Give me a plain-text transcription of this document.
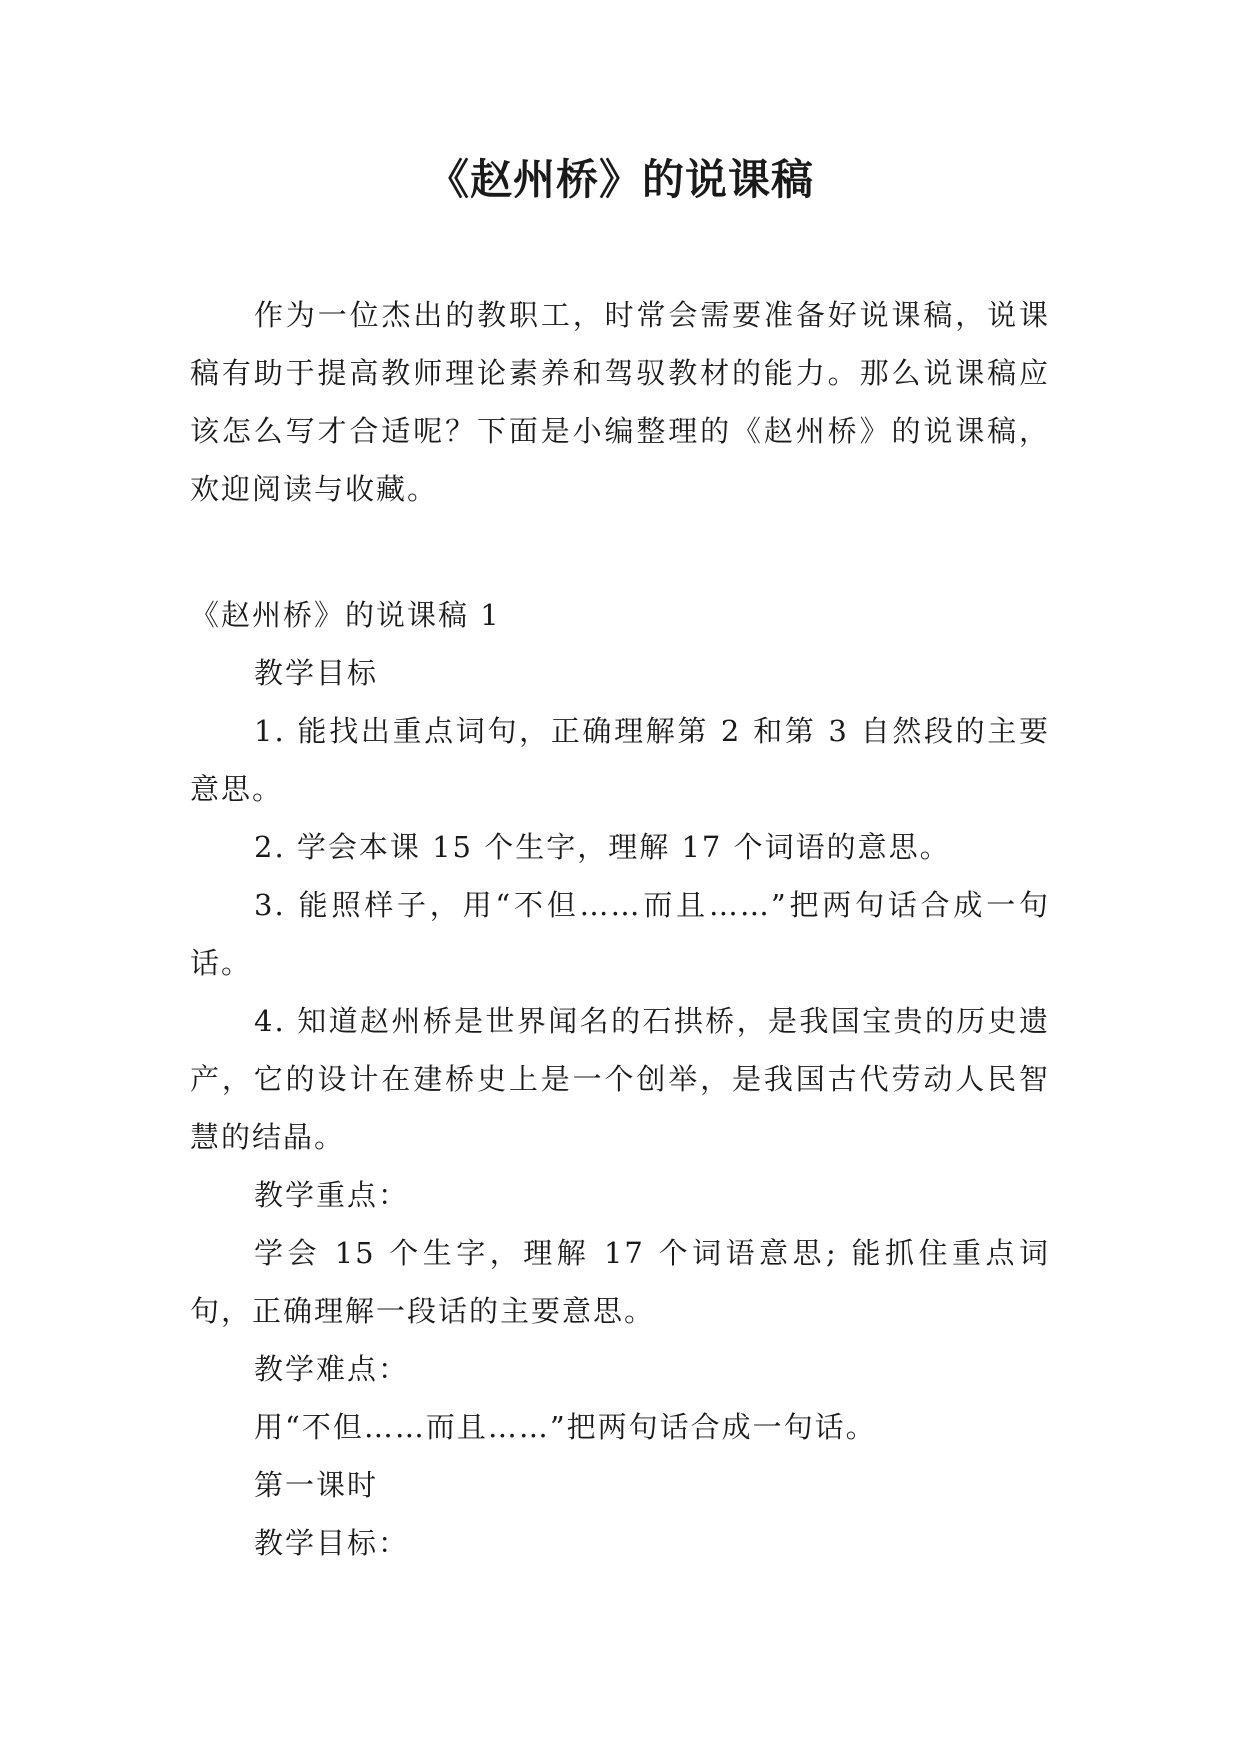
《赵州桥》的说课稿

作为一位杰出的教职工，时常会需要准备好说课稿，说课稿有助于提高教师理论素养和驾驭教材的能力。那么说课稿应该怎么写才合适呢？下面是小编整理的《赵州桥》的说课稿，欢迎阅读与收藏。

《赵州桥》的说课稿 1

教学目标

1. 能找出重点词句，正确理解第 2 和第 3 自然段的主要意思。

2. 学会本课 15 个生字，理解 17 个词语的意思。

3. 能照样子，用“不但……而且……”把两句话合成一句话。

4. 知道赵州桥是世界闻名的石拱桥，是我国宝贵的历史遗产，它的设计在建桥史上是一个创举，是我国古代劳动人民智慧的结晶。

教学重点：

学会 15 个生字，理解 17 个词语意思; 能抓住重点词句，正确理解一段话的主要意思。

教学难点：

用“不但……而且……”把两句话合成一句话。

第一课时

教学目标：
